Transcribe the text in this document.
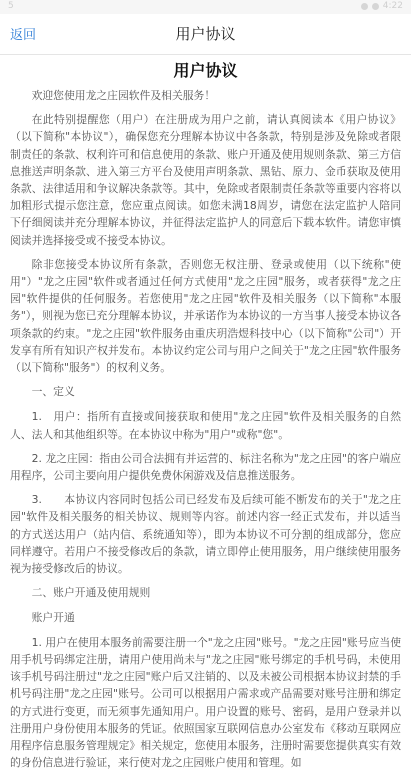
5	4:22
返回	用户协议
用户协议

欢迎您使用龙之庄园软件及相关服务！

在此特别提醒您（用户）在注册成为用户之前，请认真阅读本《用户协议》（以下简称"本协议"），确保您充分理解本协议中各条款，特别是涉及免除或者限制责任的条款、权利许可和信息使用的条款、账户开通及使用规则条款、第三方信息推送声明条款、进入第三方平台及使用声明条款、黑钻、原力、金币获取及使用条款、法律适用和争议解决条款等。其中，免除或者限制责任条款等重要内容将以加粗形式提示您注意，您应重点阅读。如您未满18周岁，请您在法定监护人陪同下仔细阅读并充分理解本协议，并征得法定监护人的同意后下载本软件。请您审慎阅读并选择接受或不接受本协议。

除非您接受本协议所有条款，否则您无权注册、登录或使用（以下统称"使用"）"龙之庄园"软件或者通过任何方式使用"龙之庄园"服务，或者获得"龙之庄园"软件提供的任何服务。若您使用"龙之庄园"软件及相关服务（以下简称"本服务"），则视为您已充分理解本协议，并承诺作为本协议的一方当事人接受本协议各项条款的约束。"龙之庄园"软件服务由重庆玥浩煜科技中心（以下简称"公司"）开发享有所有知识产权并发布。本协议约定公司与用户之间关于"龙之庄园"软件服务（以下简称"服务"）的权利义务。

一、定义

1.　用户：指所有直接或间接获取和使用"龙之庄园"软件及相关服务的自然人、法人和其他组织等。在本协议中称为"用户"或称"您"。

2. 龙之庄园：指由公司合法拥有并运营的、标注名称为"龙之庄园"的客户端应用程序，公司主要向用户提供免费休闲游戏及信息推送服务。

3.　　本协议内容同时包括公司已经发布及后续可能不断发布的关于"龙之庄园"软件及相关服务的相关协议、规则等内容。前述内容一经正式发布，并以适当的方式送达用户（站内信、系统通知等），即为本协议不可分割的组成部分，您应同样遵守。若用户不接受修改后的条款，请立即停止使用服务，用户继续使用服务视为接受修改后的协议。

二、账户开通及使用规则

账户开通

1. 用户在使用本服务前需要注册一个"龙之庄园"账号。"龙之庄园"账号应当使用手机号码绑定注册，请用户使用尚未与"龙之庄园"账号绑定的手机号码，未使用该手机号码注册过"龙之庄园"账户后又注销的、以及未被公司根据本协议封禁的手机号码注册"龙之庄园"账号。公司可以根据用户需求或产品需要对账号注册和绑定的方式进行变更，而无须事先通知用户。用户设置的账号、密码，是用户登录并以注册用户身份使用本服务的凭证。依照国家互联网信息办公室发布《移动互联网应用程序信息服务管理规定》相关规定，您使用本服务，注册时需要您提供真实有效的身份信息进行验证，来行使对龙之庄园账户使用和管理。如
